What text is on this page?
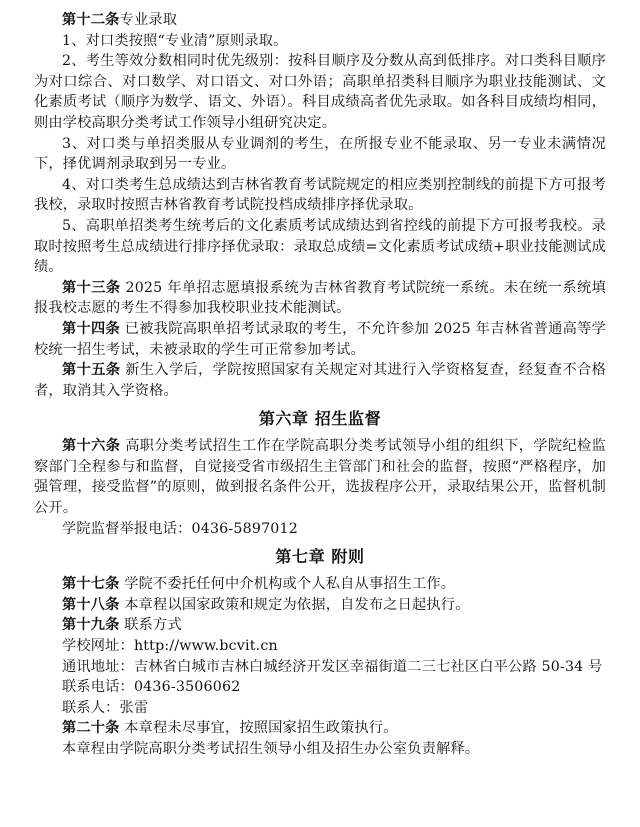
第十二条专业录取

1、对口类按照“专业清”原则录取。

2、考生等效分数相同时优先级别：按科目顺序及分数从高到低排序。对口类科目顺序为对口综合、对口数学、对口语文、对口外语；高职单招类科目顺序为职业技能测试、文化素质考试（顺序为数学、语文、外语）。科目成绩高者优先录取。如各科目成绩均相同，则由学校高职分类考试工作领导小组研究决定。

3、对口类与单招类服从专业调剂的考生，在所报专业不能录取、另一专业未满情况下，择优调剂录取到另一专业。

4、对口类考生总成绩达到吉林省教育考试院规定的相应类别控制线的前提下方可报考我校，录取时按照吉林省教育考试院投档成绩排序择优录取。

5、高职单招类考生统考后的文化素质考试成绩达到省控线的前提下方可报考我校。录取时按照考生总成绩进行排序择优录取：录取总成绩=文化素质考试成绩+职业技能测试成绩。

第十三条 2025 年单招志愿填报系统为吉林省教育考试院统一系统。未在统一系统填报我校志愿的考生不得参加我校职业技术能测试。

第十四条 已被我院高职单招考试录取的考生，不允许参加 2025 年吉林省普通高等学校统一招生考试，未被录取的学生可正常参加考试。

第十五条 新生入学后，学院按照国家有关规定对其进行入学资格复查，经复查不合格者，取消其入学资格。

第六章 招生监督

第十六条 高职分类考试招生工作在学院高职分类考试领导小组的组织下，学院纪检监察部门全程参与和监督，自觉接受省市级招生主管部门和社会的监督，按照“严格程序，加强管理，接受监督”的原则，做到报名条件公开，选拔程序公开，录取结果公开，监督机制公开。

学院监督举报电话：0436-5897012

第七章 附则

第十七条 学院不委托任何中介机构或个人私自从事招生工作。

第十八条 本章程以国家政策和规定为依据，自发布之日起执行。

第十九条 联系方式

学校网址：http://www.bcvit.cn

通讯地址：吉林省白城市吉林白城经济开发区幸福街道二三七社区白平公路 50-34 号

联系电话：0436-3506062

联系人：张雷

第二十条 本章程未尽事宜，按照国家招生政策执行。

本章程由学院高职分类考试招生领导小组及招生办公室负责解释。
